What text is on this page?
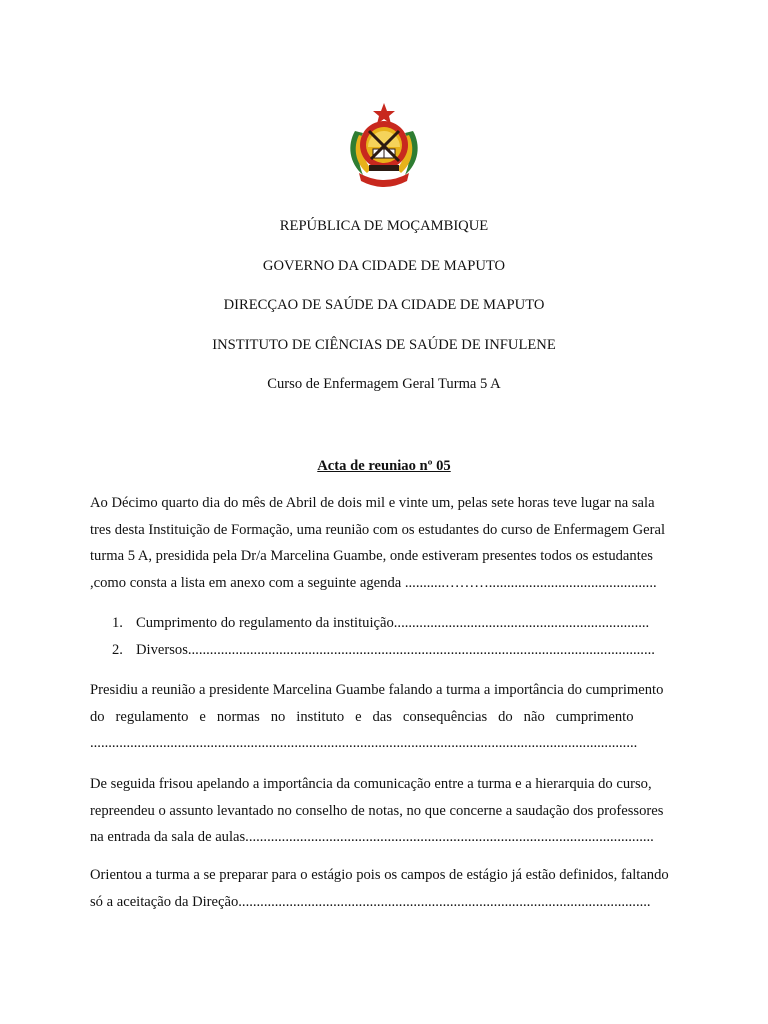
REPÚBLICA DE MOÇAMBIQUE
GOVERNO DA CIDADE DE MAPUTO
DIRECÇAO DE SAÚDE DA CIDADE DE MAPUTO
INSTITUTO DE CIÊNCIAS DE SAÚDE DE INFULENE
Curso de Enfermagem Geral Turma 5 A
Acta de reuniao nº 05
Ao Décimo quarto dia do mês de Abril de dois mil e vinte um, pelas sete horas teve lugar na sala
tres desta Instituição de Formação, uma reunião com os estudantes do curso de Enfermagem Geral
turma 5 A, presidida pela Dr/a Marcelina Guambe, onde estiveram presentes todos os estudantes
,como consta a lista em anexo com a seguinte agenda ...........………..............................................
1. Cumprimento do regulamento da instituição......................................................................
2. Diversos................................................................................................................................
Presidiu a reunião a presidente Marcelina Guambe falando a turma a importância do cumprimento
do   regulamento   e   normas   no   instituto   e   das   consequências   do   não   cumprimento
......................................................................................................................................................
De seguida frisou apelando a importância da comunicação entre a turma e a hierarquia do curso,
repreendeu o assunto levantado no conselho de notas, no que concerne a saudação dos professores
na entrada da sala de aulas................................................................................................................
Orientou a turma a se preparar para o estágio pois os campos de estágio já estão definidos, faltando
só a aceitação da Direção.................................................................................................................
